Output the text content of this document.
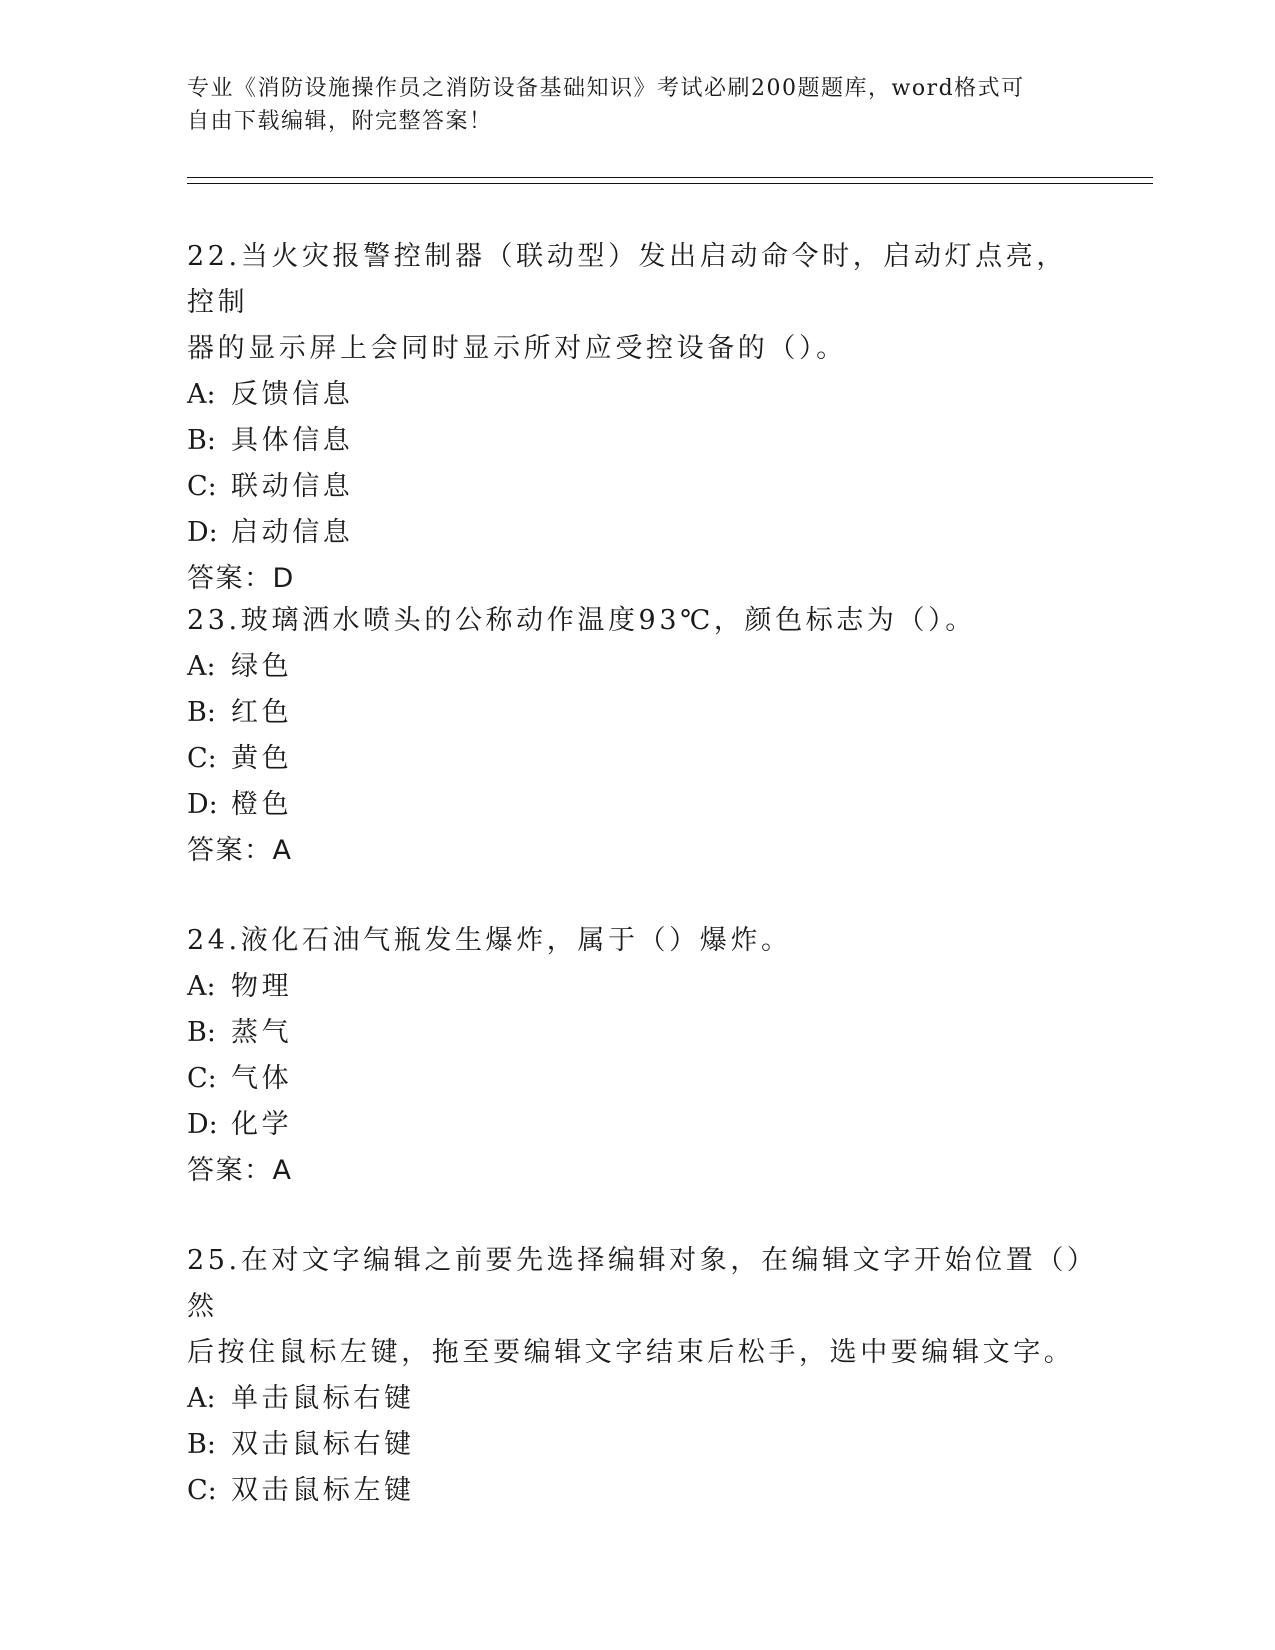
专业《消防设施操作员之消防设备基础知识》考试必刷200题题库，word格式可
自由下载编辑，附完整答案！

22.当火灾报警控制器（联动型）发出启动命令时，启动灯点亮，控制
器的显示屏上会同时显示所对应受控设备的（）。

A: 反馈信息

B: 具体信息

C: 联动信息

D: 启动信息

答案：D

23.玻璃洒水喷头的公称动作温度93℃，颜色标志为（）。

A: 绿色

B: 红色

C: 黄色

D: 橙色

答案：A

24.液化石油气瓶发生爆炸，属于（）爆炸。

A: 物理

B: 蒸气

C: 气体

D: 化学

答案：A

25.在对文字编辑之前要先选择编辑对象，在编辑文字开始位置（）然
后按住鼠标左键，拖至要编辑文字结束后松手，选中要编辑文字。

A: 单击鼠标右键

B: 双击鼠标右键

C: 双击鼠标左键
